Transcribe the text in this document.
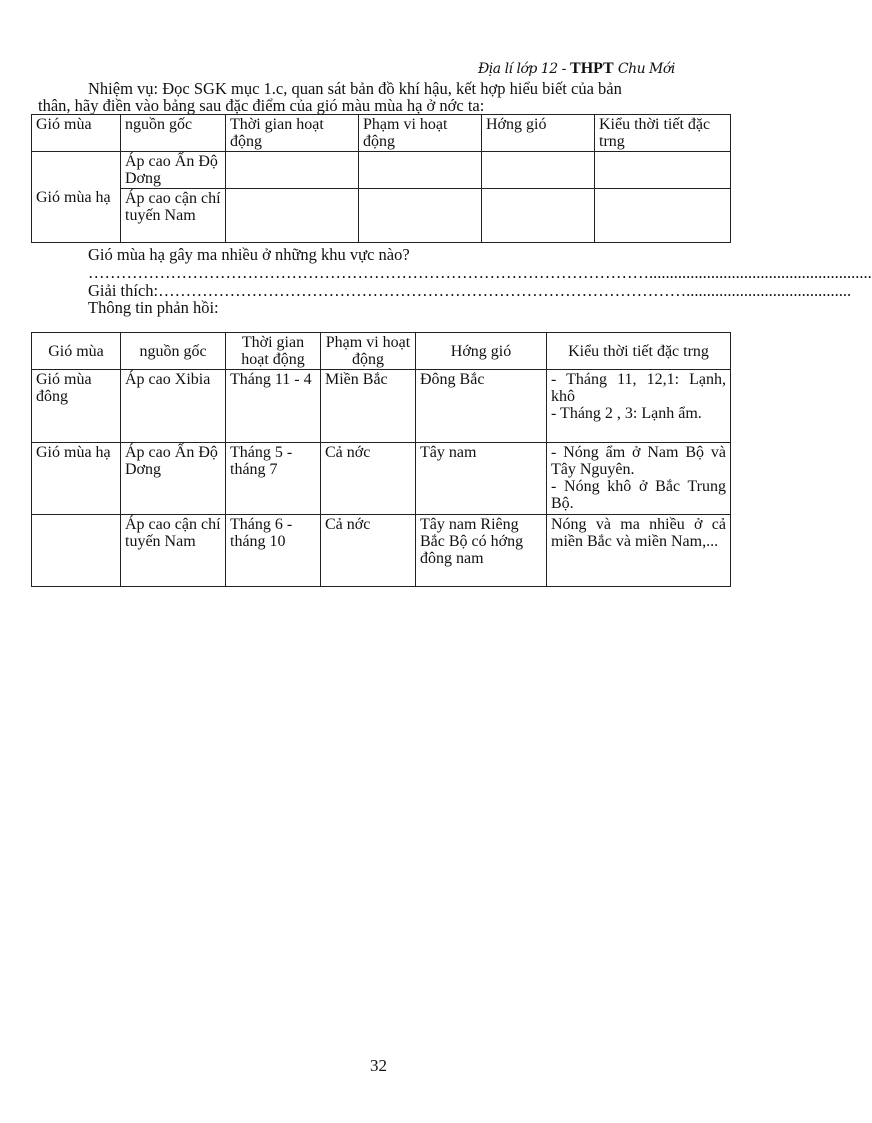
Địa lí lớp 12 - THPT Chu Mới
Nhiệm vụ: Đọc SGK mục 1.c, quan sát bản đồ khí hậu, kết hợp hiểu biết của bản
thân, hãy điền vào bảng sau đặc điểm của gió màu mùa hạ ở nớc ta:
Gió mùa	nguồn gốc	Thời gian hoạt động	Phạm vi hoạt động	Hớng gió	Kiểu thời tiết đặc trng
Gió mùa hạ	Áp cao Ấn Độ Dơng				
	Áp cao cận chí tuyến Nam				
Gió mùa hạ gây ma nhiều ở những khu vực nào?
…………………………………………………………………………………………......................................................
Giải thích:……………………………………………………………………………………........................................
Thông tin phản hồi:
Gió mùa	nguồn gốc	Thời gian hoạt động	Phạm vi hoạt động	Hớng gió	Kiểu thời tiết đặc trng
Gió mùa đông	Áp cao Xibia	Tháng 11 - 4	Miền Bắc	Đông Bắc	- Tháng 11, 12,1: Lạnh, khô
- Tháng 2 , 3: Lạnh ẩm.

Gió mùa hạ	Áp cao Ấn Độ Dơng	Tháng 5 - tháng 7	Cả nớc	Tây nam	- Nóng ẩm ở Nam Bộ và Tây Nguyên.
- Nóng khô ở Bắc Trung Bộ.

	Áp cao cận chí tuyến Nam	Tháng 6 - tháng 10	Cả nớc	Tây nam Riêng Bắc Bộ có hớng đông nam	Nóng và ma nhiều ở cả miền Bắc và miền Nam,...
32
